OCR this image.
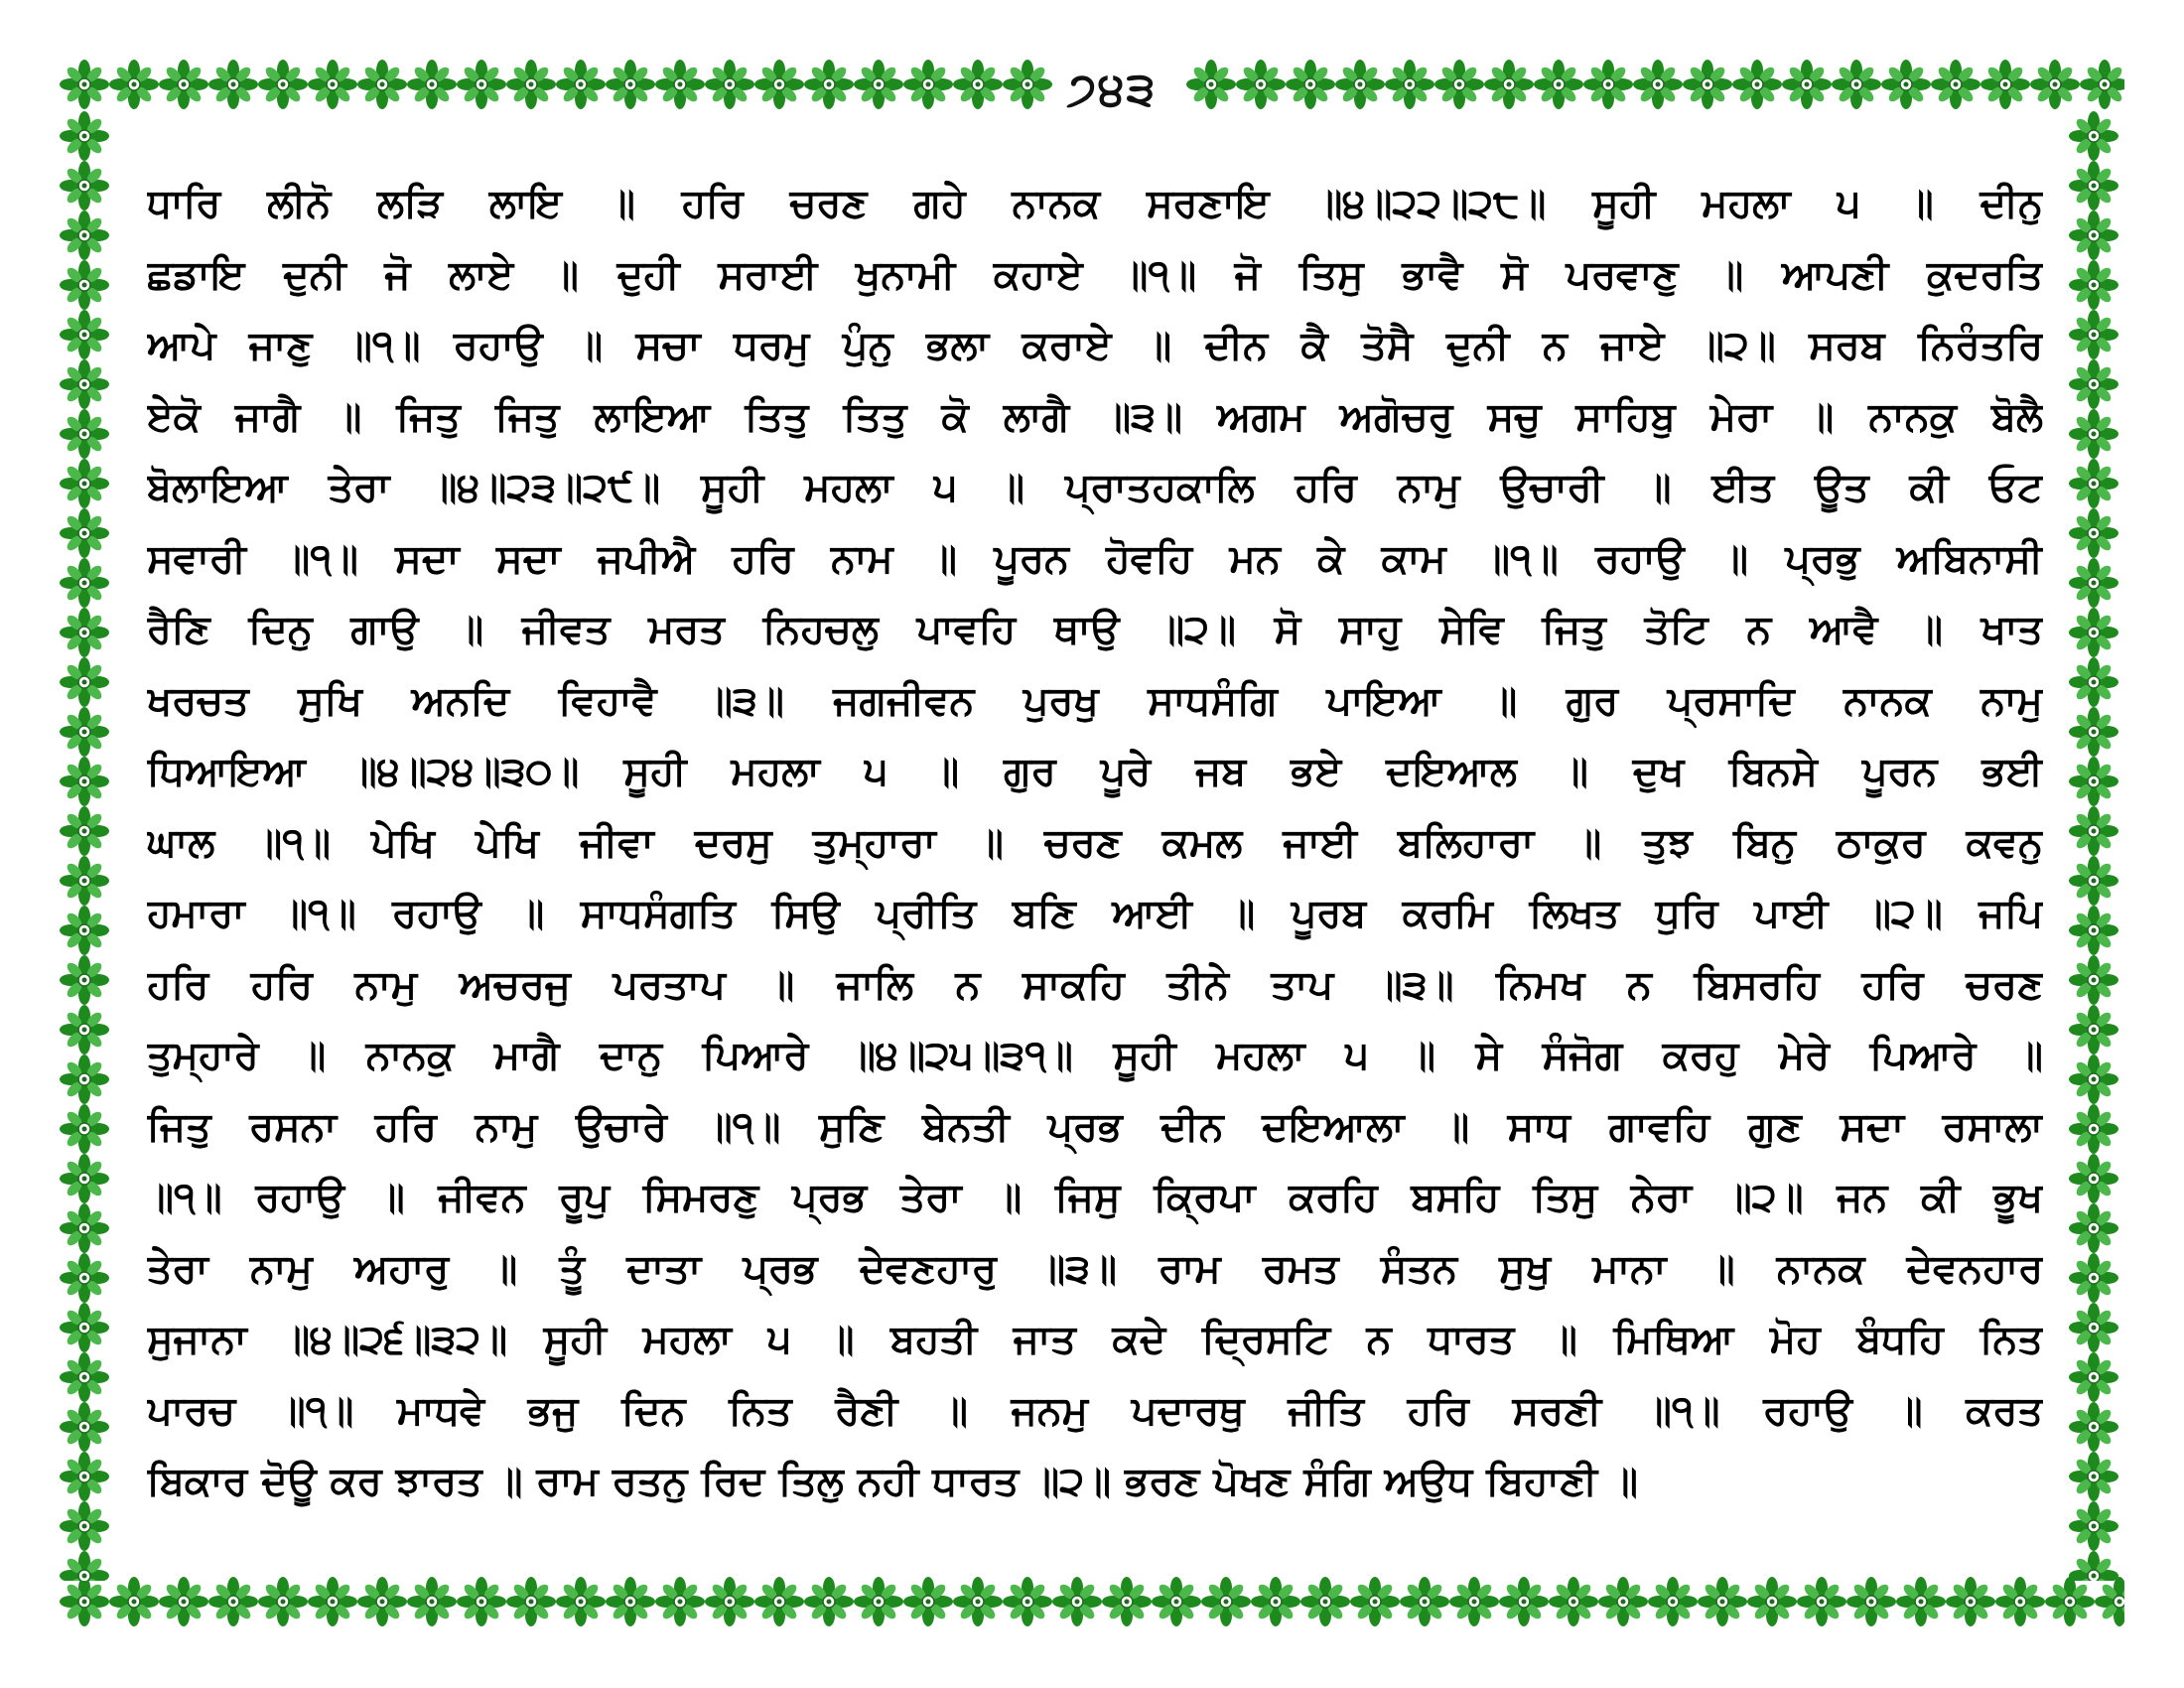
੭੪੩
ਧਾਰਿ ਲੀਨੋ ਲੜਿ ਲਾਇ ॥ ਹਰਿ ਚਰਣ ਗਹੇ ਨਾਨਕ ਸਰਣਾਇ ॥੪॥੨੨॥੨੮॥ ਸੂਹੀ ਮਹਲਾ ੫ ॥ ਦੀਨੁ
ਛਡਾਇ ਦੁਨੀ ਜੋ ਲਾਏ ॥ ਦੁਹੀ ਸਰਾਈ ਖੁਨਾਮੀ ਕਹਾਏ ॥੧॥ ਜੋ ਤਿਸੁ ਭਾਵੈ ਸੋ ਪਰਵਾਣੁ ॥ ਆਪਣੀ ਕੁਦਰਤਿ
ਆਪੇ ਜਾਣੁ ॥੧॥ ਰਹਾਉ ॥ ਸਚਾ ਧਰਮੁ ਪੁੰਨੁ ਭਲਾ ਕਰਾਏ ॥ ਦੀਨ ਕੈ ਤੋਸੈ ਦੁਨੀ ਨ ਜਾਏ ॥੨॥ ਸਰਬ ਨਿਰੰਤਰਿ
ਏਕੋ ਜਾਗੈ ॥ ਜਿਤੁ ਜਿਤੁ ਲਾਇਆ ਤਿਤੁ ਤਿਤੁ ਕੋ ਲਾਗੈ ॥੩॥ ਅਗਮ ਅਗੋਚਰੁ ਸਚੁ ਸਾਹਿਬੁ ਮੇਰਾ ॥ ਨਾਨਕੁ ਬੋਲੈ
ਬੋਲਾਇਆ ਤੇਰਾ ॥੪॥੨੩॥੨੯॥ ਸੂਹੀ ਮਹਲਾ ੫ ॥ ਪ੍ਰਾਤਹਕਾਲਿ ਹਰਿ ਨਾਮੁ ਉਚਾਰੀ ॥ ਈਤ ਊਤ ਕੀ ਓਟ
ਸਵਾਰੀ ॥੧॥ ਸਦਾ ਸਦਾ ਜਪੀਐ ਹਰਿ ਨਾਮ ॥ ਪੂਰਨ ਹੋਵਹਿ ਮਨ ਕੇ ਕਾਮ ॥੧॥ ਰਹਾਉ ॥ ਪ੍ਰਭੁ ਅਬਿਨਾਸੀ
ਰੈਣਿ ਦਿਨੁ ਗਾਉ ॥ ਜੀਵਤ ਮਰਤ ਨਿਹਚਲੁ ਪਾਵਹਿ ਥਾਉ ॥੨॥ ਸੋ ਸਾਹੁ ਸੇਵਿ ਜਿਤੁ ਤੋਟਿ ਨ ਆਵੈ ॥ ਖਾਤ
ਖਰਚਤ ਸੁਖਿ ਅਨਦਿ ਵਿਹਾਵੈ ॥੩॥ ਜਗਜੀਵਨ ਪੁਰਖੁ ਸਾਧਸੰਗਿ ਪਾਇਆ ॥ ਗੁਰ ਪ੍ਰਸਾਦਿ ਨਾਨਕ ਨਾਮੁ
ਧਿਆਇਆ ॥੪॥੨੪॥੩੦॥ ਸੂਹੀ ਮਹਲਾ ੫ ॥ ਗੁਰ ਪੂਰੇ ਜਬ ਭਏ ਦਇਆਲ ॥ ਦੁਖ ਬਿਨਸੇ ਪੂਰਨ ਭਈ
ਘਾਲ ॥੧॥ ਪੇਖਿ ਪੇਖਿ ਜੀਵਾ ਦਰਸੁ ਤੁਮ੍ਹਾਰਾ ॥ ਚਰਣ ਕਮਲ ਜਾਈ ਬਲਿਹਾਰਾ ॥ ਤੁਝ ਬਿਨੁ ਠਾਕੁਰ ਕਵਨੁ
ਹਮਾਰਾ ॥੧॥ ਰਹਾਉ ॥ ਸਾਧਸੰਗਤਿ ਸਿਉ ਪ੍ਰੀਤਿ ਬਣਿ ਆਈ ॥ ਪੂਰਬ ਕਰਮਿ ਲਿਖਤ ਧੁਰਿ ਪਾਈ ॥੨॥ ਜਪਿ
ਹਰਿ ਹਰਿ ਨਾਮੁ ਅਚਰਜੁ ਪਰਤਾਪ ॥ ਜਾਲਿ ਨ ਸਾਕਹਿ ਤੀਨੇ ਤਾਪ ॥੩॥ ਨਿਮਖ ਨ ਬਿਸਰਹਿ ਹਰਿ ਚਰਣ
ਤੁਮ੍ਹਾਰੇ ॥ ਨਾਨਕੁ ਮਾਗੈ ਦਾਨੁ ਪਿਆਰੇ ॥੪॥੨੫॥੩੧॥ ਸੂਹੀ ਮਹਲਾ ੫ ॥ ਸੇ ਸੰਜੋਗ ਕਰਹੁ ਮੇਰੇ ਪਿਆਰੇ ॥
ਜਿਤੁ ਰਸਨਾ ਹਰਿ ਨਾਮੁ ਉਚਾਰੇ ॥੧॥ ਸੁਣਿ ਬੇਨਤੀ ਪ੍ਰਭ ਦੀਨ ਦਇਆਲਾ ॥ ਸਾਧ ਗਾਵਹਿ ਗੁਣ ਸਦਾ ਰਸਾਲਾ
॥੧॥ ਰਹਾਉ ॥ ਜੀਵਨ ਰੂਪੁ ਸਿਮਰਣੁ ਪ੍ਰਭ ਤੇਰਾ ॥ ਜਿਸੁ ਕ੍ਰਿਪਾ ਕਰਹਿ ਬਸਹਿ ਤਿਸੁ ਨੇਰਾ ॥੨॥ ਜਨ ਕੀ ਭੂਖ
ਤੇਰਾ ਨਾਮੁ ਅਹਾਰੁ ॥ ਤੂੰ ਦਾਤਾ ਪ੍ਰਭ ਦੇਵਣਹਾਰੁ ॥੩॥ ਰਾਮ ਰਮਤ ਸੰਤਨ ਸੁਖੁ ਮਾਨਾ ॥ ਨਾਨਕ ਦੇਵਨਹਾਰ
ਸੁਜਾਨਾ ॥੪॥੨੬॥੩੨॥ ਸੂਹੀ ਮਹਲਾ ੫ ॥ ਬਹਤੀ ਜਾਤ ਕਦੇ ਦ੍ਰਿਸਟਿ ਨ ਧਾਰਤ ॥ ਮਿਥਿਆ ਮੋਹ ਬੰਧਹਿ ਨਿਤ
ਪਾਰਚ ॥੧॥ ਮਾਧਵੇ ਭਜੁ ਦਿਨ ਨਿਤ ਰੈਣੀ ॥ ਜਨਮੁ ਪਦਾਰਥੁ ਜੀਤਿ ਹਰਿ ਸਰਣੀ ॥੧॥ ਰਹਾਉ ॥ ਕਰਤ
ਬਿਕਾਰ ਦੋਊ ਕਰ ਝਾਰਤ ॥ ਰਾਮ ਰਤਨੁ ਰਿਦ ਤਿਲੁ ਨਹੀ ਧਾਰਤ ॥੨॥ ਭਰਣ ਪੋਖਣ ਸੰਗਿ ਅਉਧ ਬਿਹਾਣੀ ॥
